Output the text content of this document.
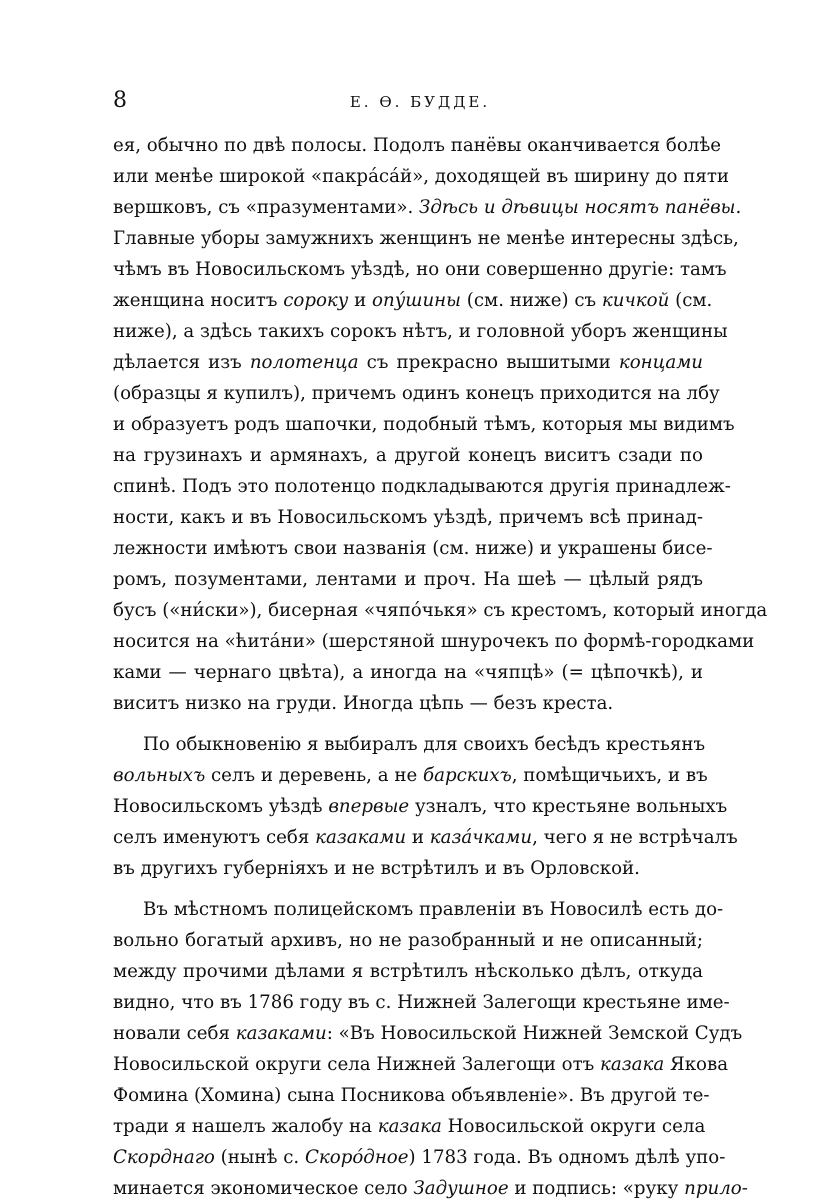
8	Е. Ѳ. БУДДЕ.
ея, обычно по двѣ полосы. Подолъ панёвы оканчивается болѣе
или менѣе широкой «пакра́са́й», доходящей въ ширину до пяти
вершковъ, съ «празументами». Здѣсь и дѣвицы носятъ панёвы.
Главные уборы замужнихъ женщинъ не менѣе интересны здѣсь,
чѣмъ въ Новосильскомъ уѣздѣ, но они совершенно другіе: тамъ
женщина носитъ сороку и опу́шины (см. ниже) съ кичкой (см.
ниже), а здѣсь такихъ сорокъ нѣтъ, и головной уборъ женщины
дѣлается изъ полотенца съ прекрасно вышитыми концами
(образцы я купилъ), причемъ одинъ конецъ приходится на лбу
и образуетъ родъ шапочки, подобный тѣмъ, которыя мы видимъ
на грузинахъ и армянахъ, а другой конецъ виситъ сзади по
спинѣ. Подъ это полотенцо подкладываются другія принадлеж-
ности, какъ и въ Новосильскомъ уѣздѣ, причемъ всѣ принад-
лежности имѣютъ свои названія (см. ниже) и украшены бисе-
ромъ, позументами, лентами и проч. На шеѣ — цѣлый рядъ
бусъ («ни́ски»), бисерная «чяпо́чькя» съ крестомъ, который иногда
носится на «ћита́ни» (шерстяной шнурочекъ по формѣ-городками
ками — чернаго цвѣта), а иногда на «чяпцѣ» (= цѣпочкѣ), и
виситъ низко на груди. Иногда цѣпь — безъ креста.
По обыкновенію я выбиралъ для своихъ бесѣдъ крестьянъ
вольныхъ селъ и деревень, а не барскихъ, помѣщичьихъ, и въ
Новосильскомъ уѣздѣ впервые узналъ, что крестьяне вольныхъ
селъ именуютъ себя казаками и каза́чками, чего я не встрѣчалъ
въ другихъ губерніяхъ и не встрѣтилъ и въ Орловской.
Въ мѣстномъ полицейскомъ правленіи въ Новосилѣ есть до-
вольно богатый архивъ, но не разобранный и не описанный;
между прочими дѣлами я встрѣтилъ нѣсколько дѣлъ, откуда
видно, что въ 1786 году въ с. Нижней Залегощи крестьяне име-
новали себя казаками: «Въ Новосильской Нижней Земской Судъ
Новосильской округи села Нижней Залегощи отъ казака Якова
Фомина (Хомина) сына Посникова объявленіе». Въ другой те-
тради я нашелъ жалобу на казака Новосильской округи села
Скорднаго (нынѣ с. Скоро́дное) 1783 года. Въ одномъ дѣлѣ упо-
минается экономическое село Задушное и подпись: «руку прило-
